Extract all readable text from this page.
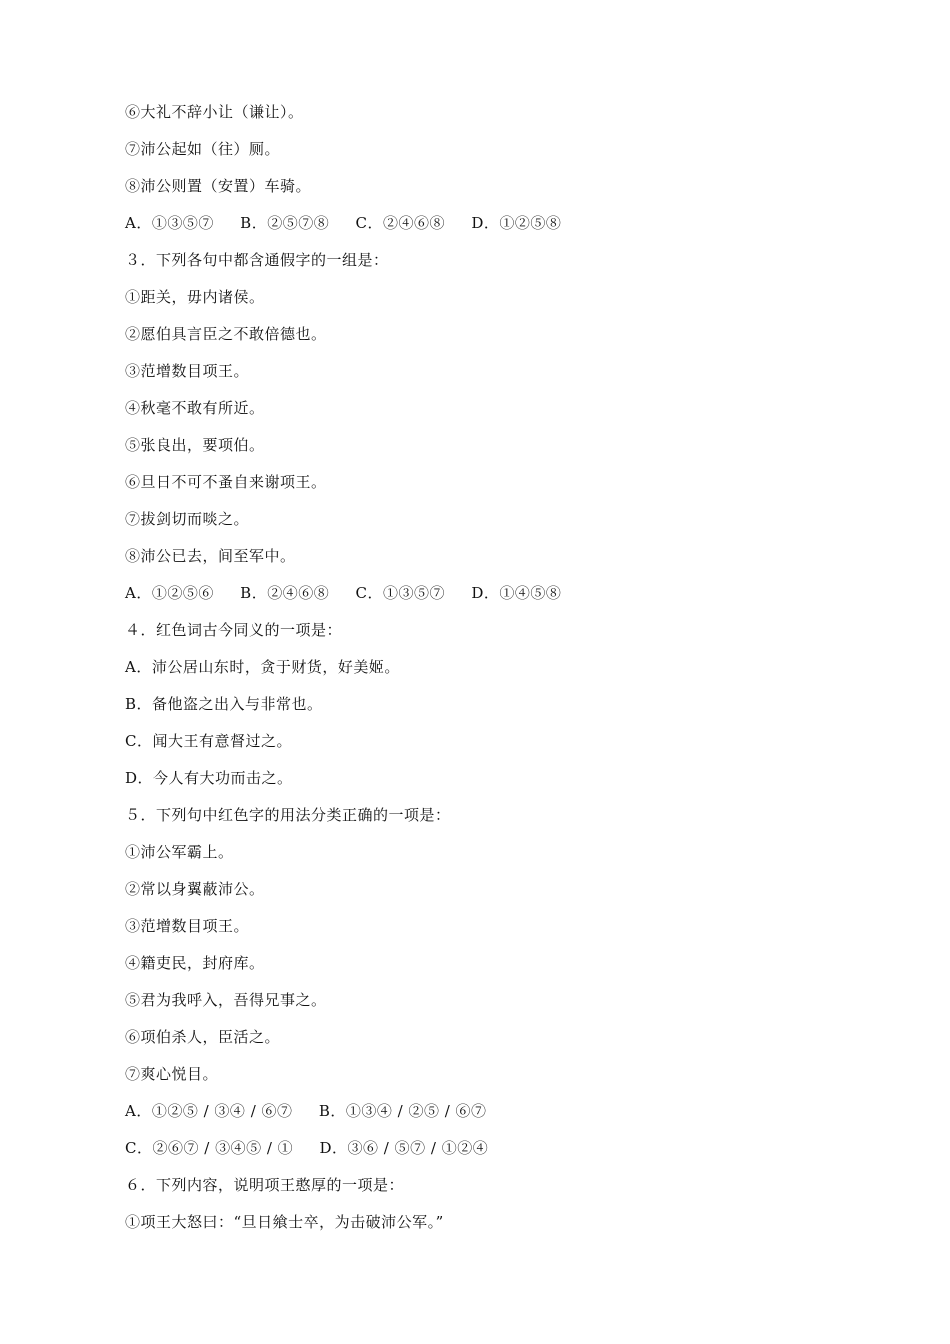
⑥大礼不辞小让（谦让）。
⑦沛公起如（往）厕。
⑧沛公则置（安置）车骑。
A．①③⑤⑦     B．②⑤⑦⑧     C．②④⑥⑧     D．①②⑤⑧
３．下列各句中都含通假字的一组是：
①距关，毋内诸侯。
②愿伯具言臣之不敢倍德也。
③范增数目项王。
④秋毫不敢有所近。
⑤张良出，要项伯。
⑥旦日不可不蚤自来谢项王。
⑦拔剑切而啖之。
⑧沛公已去，间至军中。
A．①②⑤⑥     B．②④⑥⑧     C．①③⑤⑦     D．①④⑤⑧
４．红色词古今同义的一项是：
A．沛公居山东时，贪于财货，好美姬。
B．备他盗之出入与非常也。
C．闻大王有意督过之。
D．今人有大功而击之。
５．下列句中红色字的用法分类正确的一项是：
①沛公军霸上。
②常以身翼蔽沛公。
③范增数目项王。
④籍吏民，封府库。
⑤君为我呼入，吾得兄事之。
⑥项伯杀人，臣活之。
⑦爽心悦目。
A．①②⑤ / ③④ / ⑥⑦     B．①③④ / ②⑤ / ⑥⑦
C．②⑥⑦ / ③④⑤ / ①     D．③⑥ / ⑤⑦ / ①②④
６．下列内容，说明项王憨厚的一项是：
①项王大怒曰：“旦日飨士卒，为击破沛公军。”
